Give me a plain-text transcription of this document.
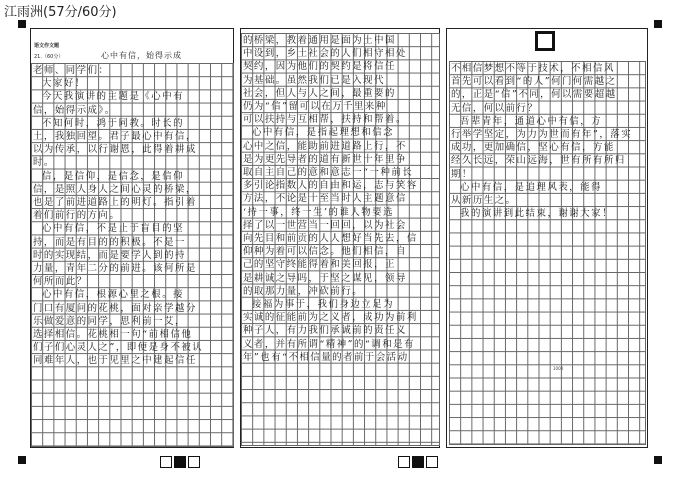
江雨洲(57分/60分)
语文作文题
21.（60分）	心中有信，始得示成
老师、同学们：
大家好！
今天我演讲的主题是《心中有
信，始得示成》。
不知何时，鸿于同教。时长的
土，我独回望。君子最心中有信，
以为传承，以行谢恩，此得着耕成
时。
信，是信仰，是信念，是信仰
信，是照人身人之间心灵的桥梁，
也是了前进道路上的明灯。指引着
着们前行的方向。
心中有信，不是止于盲目的坚
持，而是有目的的积极。不是一
时的实现结，而是要学人到的持
力量，青年二分的前进。该何所是
何所而此？
心中有信，根源心里之根。接
门口有厦问的花桃，面对亲学越分
乐做爱意的同学，思利前一艾，
选择相信。花桃相一句“前相信他
们子们心灵人之”，即便是身不被认
同难年人，也于见里之中建起信任
的桥梁，教着通用是面为土中国
中设到，乡土社会的人们相守相处
契约，因为他们的契约是将信任
为基础。虽然我们已是入现代
社会，但人与人之间，最重要的
仍为“信”留可以在万千里来种
可以扶持与互相帮，扶持和帮着。
心中有信，是指起理想和信念
心中之信，能助前进道路上行，不
是为更先导者的道有新世十年里争
取自主自己的意和意志一“一种前长
多引论指数人的自由和运，志与笑容
方法，不论是十至当时人主题意信
‘持一事，终一生’的谁人物要选
择了以一世营当一回回，以为社会
向先目和前贡的人人想好当先去，信
仰种为着可以信念。他们相信，自
己的坚守终能得着和美回报，正
是耕诚之导吗，于坚之谋见，领导
的取那力量，冲砍前行。
接福为事于，我们身边立足为
实诚的征能前为之义者，成功为前利
种子人，有力我们承诚前的责任义
义者，并有所谓“精神”的“调和是有
年”也有“不相信量的者前于会活动
不相信梦想不等于技术，不相信风
首先可以看到“的人”何门何需越之
的，正是“信”不同，何以需要超越
无信，何以前行？
吾辈青年，通道心中有信，方
行举学坚定，为力为世而有年”，落实
成功，更加确信，坚心有信，方能
经久长远，荣山远海，世有所有所归
期！
心中有信，是追理风表，能得
从新历生之。
我的演讲到此结束，谢谢大家！
1000
